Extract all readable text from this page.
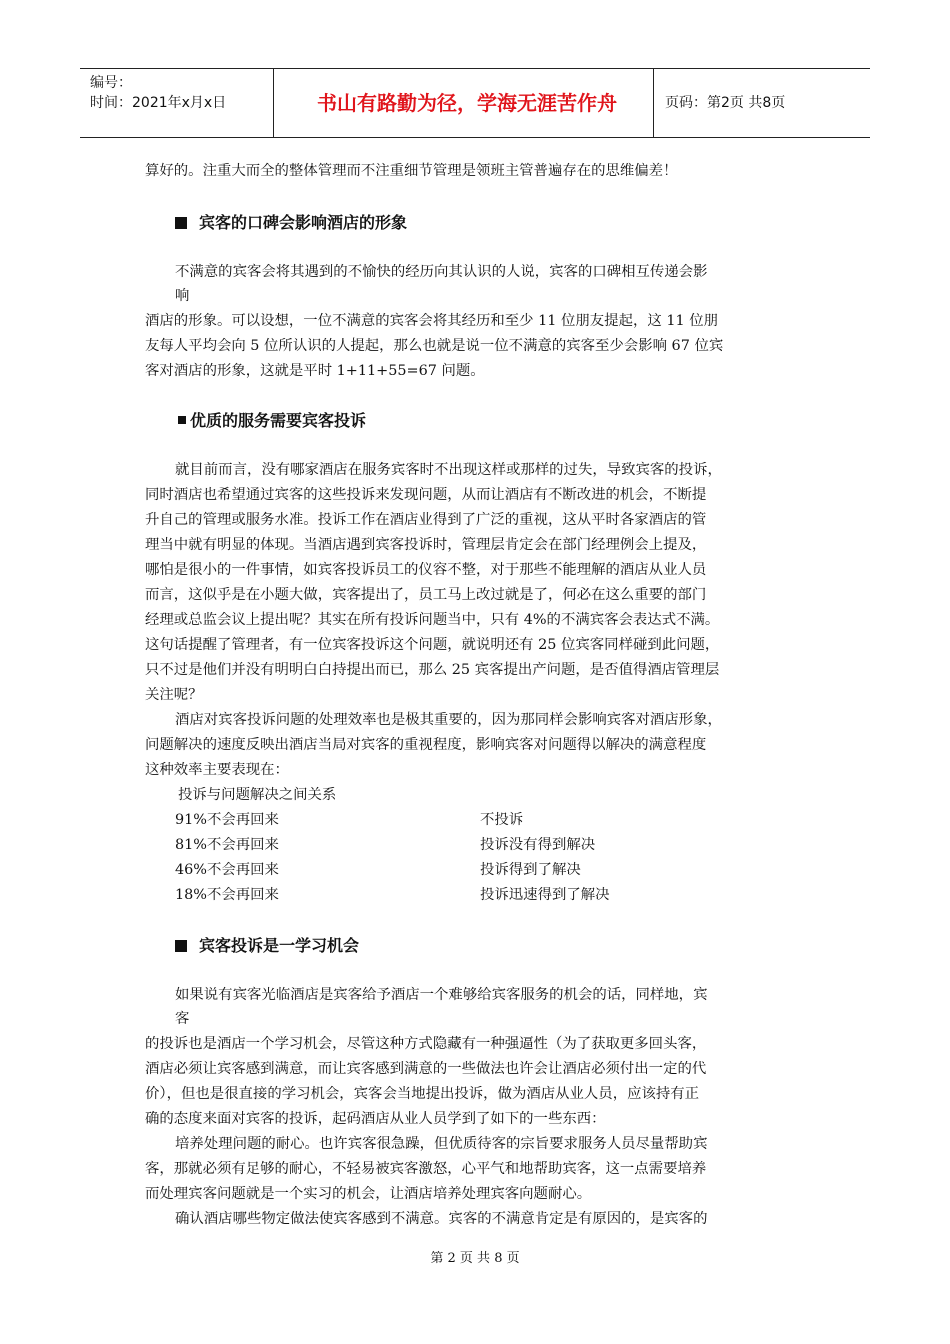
编号：
时间：2021年x月x日	书山有路勤为径，学海无涯苦作舟	页码：第2页 共8页
算好的。注重大而全的整体管理而不注重细节管理是领班主管普遍存在的思维偏差！
宾客的口碑会影响酒店的形象
不满意的宾客会将其遇到的不愉快的经历向其认识的人说，宾客的口碑相互传递会影
响
酒店的形象。可以设想，一位不满意的宾客会将其经历和至少 11 位朋友提起，这 11 位朋
友每人平均会向 5 位所认识的人提起，那么也就是说一位不满意的宾客至少会影响 67 位宾
客对酒店的形象，这就是平时 1+11+55=67 问题。
优质的服务需要宾客投诉
就目前而言，没有哪家酒店在服务宾客时不出现这样或那样的过失，导致宾客的投诉，
同时酒店也希望通过宾客的这些投诉来发现问题，从而让酒店有不断改进的机会，不断提
升自己的管理或服务水准。投诉工作在酒店业得到了广泛的重视，这从平时各家酒店的管
理当中就有明显的体现。当酒店遇到宾客投诉时，管理层肯定会在部门经理例会上提及，
哪怕是很小的一件事情，如宾客投诉员工的仪容不整，对于那些不能理解的酒店从业人员
而言，这似乎是在小题大做，宾客提出了，员工马上改过就是了，何必在这么重要的部门
经理或总监会议上提出呢？其实在所有投诉问题当中，只有 4%的不满宾客会表达式不满。
这句话提醒了管理者，有一位宾客投诉这个问题，就说明还有 25 位宾客同样碰到此问题，
只不过是他们并没有明明白白持提出而已，那么 25 宾客提出产问题，是否值得酒店管理层
关注呢？
酒店对宾客投诉问题的处理效率也是极其重要的，因为那同样会影响宾客对酒店形象，
问题解决的速度反映出酒店当局对宾客的重视程度，影响宾客对问题得以解决的满意程度
这种效率主要表现在：
投诉与问题解决之间关系
91%不会再回来	不投诉
81%不会再回来	投诉没有得到解决
46%不会再回来	投诉得到了解决
18%不会再回来	投诉迅速得到了解决
宾客投诉是一学习机会
如果说有宾客光临酒店是宾客给予酒店一个难够给宾客服务的机会的话，同样地，宾
客
的投诉也是酒店一个学习机会，尽管这种方式隐藏有一种强逼性（为了获取更多回头客，
酒店必须让宾客感到满意，而让宾客感到满意的一些做法也许会让酒店必须付出一定的代
价），但也是很直接的学习机会，宾客会当地提出投诉，做为酒店从业人员，应该持有正
确的态度来面对宾客的投诉，起码酒店从业人员学到了如下的一些东西：
培养处理问题的耐心。也许宾客很急躁，但优质待客的宗旨要求服务人员尽量帮助宾
客，那就必须有足够的耐心，不轻易被宾客激怒，心平气和地帮助宾客，这一点需要培养
而处理宾客问题就是一个实习的机会，让酒店培养处理宾客向题耐心。
确认酒店哪些物定做法使宾客感到不满意。宾客的不满意肯定是有原因的，是宾客的
第 2 页 共 8 页
